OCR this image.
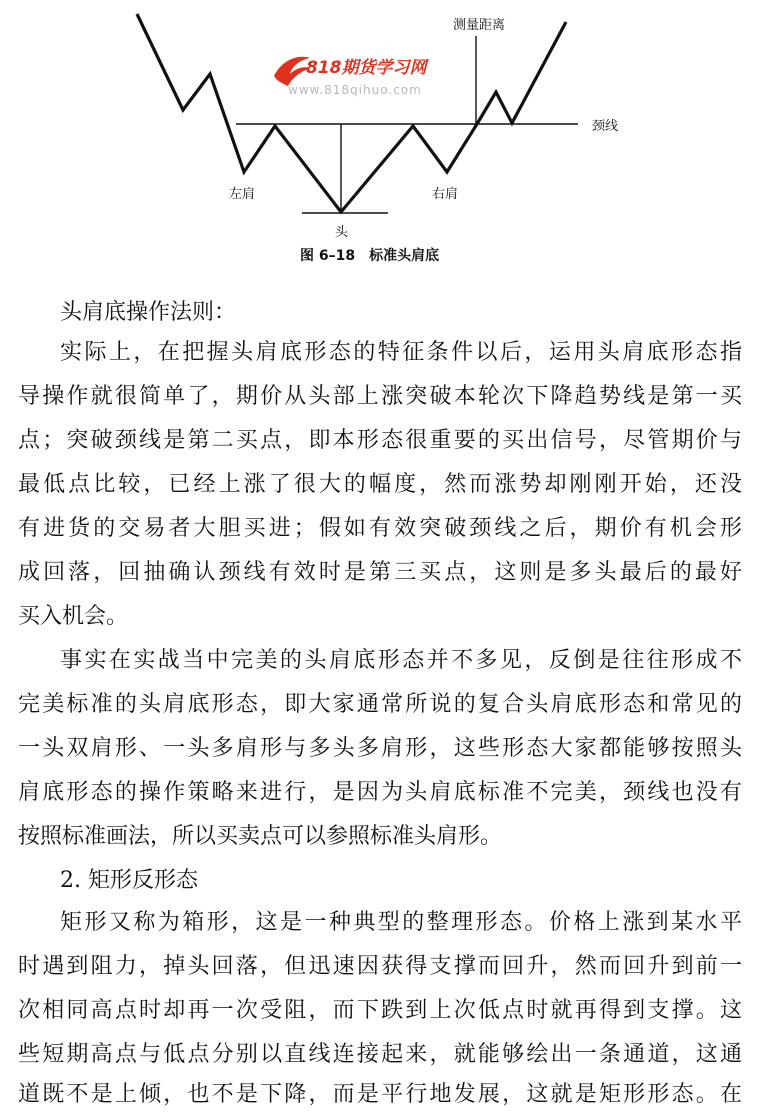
测量距离
颈线
左肩	右肩
头
图 6–18　标准头肩底
818期货学习网
www.818qihuo.com
头肩底操作法则：
实际上，在把握头肩底形态的特征条件以后，运用头肩底形态指
导操作就很简单了，期价从头部上涨突破本轮次下降趋势线是第一买
点；突破颈线是第二买点，即本形态很重要的买出信号，尽管期价与
最低点比较，已经上涨了很大的幅度，然而涨势却刚刚开始，还没
有进货的交易者大胆买进；假如有效突破颈线之后，期价有机会形
成回落，回抽确认颈线有效时是第三买点，这则是多头最后的最好
买入机会。
事实在实战当中完美的头肩底形态并不多见，反倒是往往形成不
完美标准的头肩底形态，即大家通常所说的复合头肩底形态和常见的
一头双肩形、一头多肩形与多头多肩形，这些形态大家都能够按照头
肩底形态的操作策略来进行，是因为头肩底标准不完美，颈线也没有
按照标准画法，所以买卖点可以参照标准头肩形。
2. 矩形反形态
矩形又称为箱形，这是一种典型的整理形态。价格上涨到某水平
时遇到阻力，掉头回落，但迅速因获得支撑而回升，然而回升到前一
次相同高点时却再一次受阻，而下跌到上次低点时就再得到支撑。这
些短期高点与低点分别以直线连接起来，就能够绘出一条通道，这通
道既不是上倾，也不是下降，而是平行地发展，这就是矩形形态。在
